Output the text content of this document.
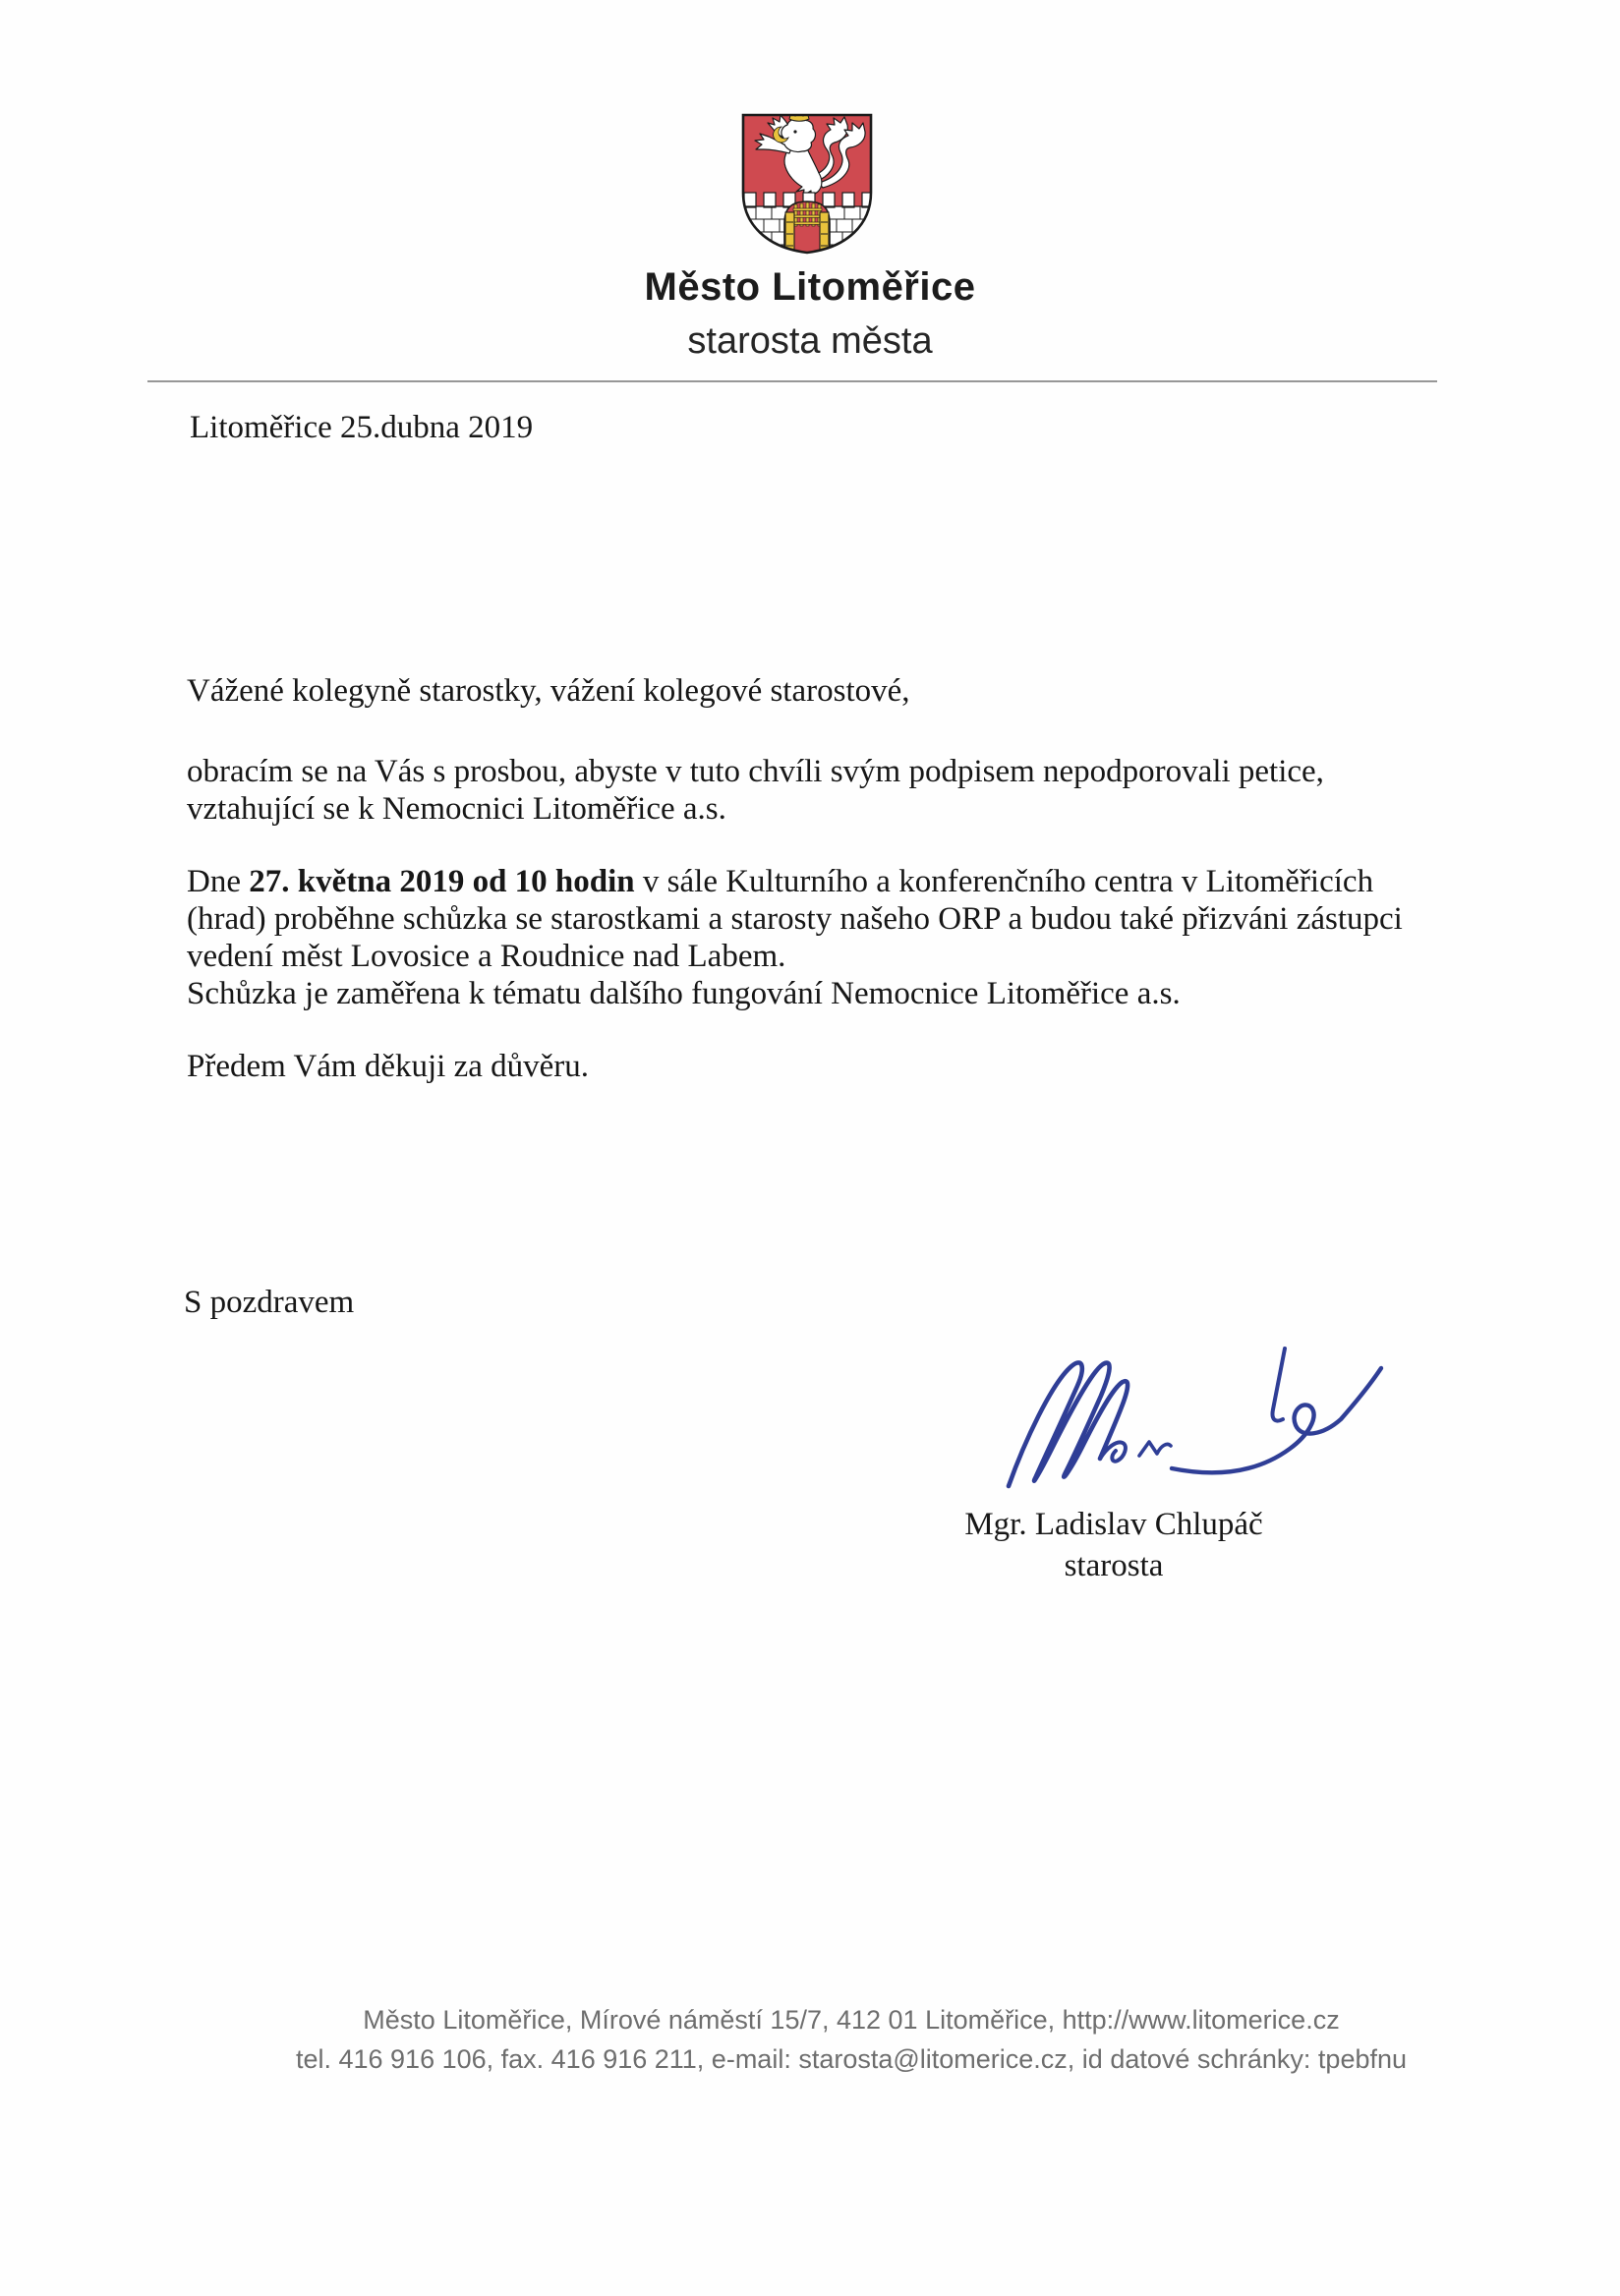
Město Litoměřice
starosta města
Litoměřice 25.dubna 2019
Vážené kolegyně starostky, vážení kolegové starostové,
obracím se na Vás s prosbou, abyste v tuto chvíli svým podpisem nepodporovali petice,
vztahující se k Nemocnici Litoměřice a.s.
Dne 27. května 2019 od 10 hodin v sále Kulturního a konferenčního centra v Litoměřicích
(hrad) proběhne schůzka se starostkami a starosty našeho ORP a budou také přizváni zástupci
vedení měst Lovosice a Roudnice nad Labem.
Schůzka je zaměřena k tématu dalšího fungování Nemocnice Litoměřice a.s.
Předem Vám děkuji za důvěru.
S pozdravem
Mgr. Ladislav Chlupáč
starosta
Město Litoměřice, Mírové náměstí 15/7, 412 01 Litoměřice, http://www.litomerice.cz
tel. 416 916 106, fax. 416 916 211, e-mail: starosta@litomerice.cz, id datové schránky: tpebfnu
